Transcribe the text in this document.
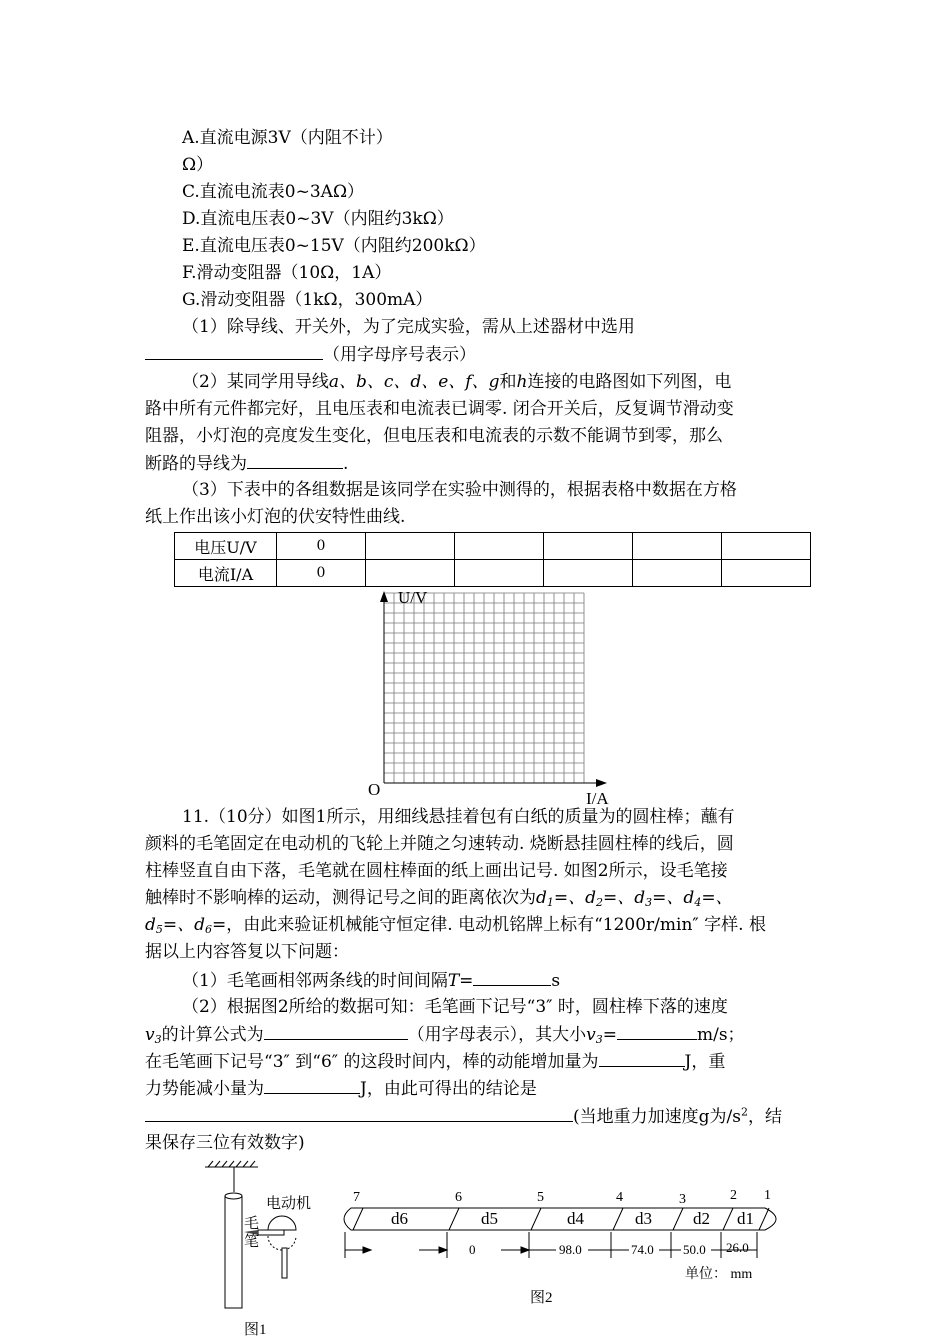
A.直流电源3V（内阻不计）
Ω）
C.直流电流表0~3AΩ）
D.直流电压表0~3V（内阻约3kΩ）
E.直流电压表0~15V（内阻约200kΩ）
F.滑动变阻器（10Ω，1A）
G.滑动变阻器（1kΩ，300mA）
（1）除导线、开关外，为了完成实验，需从上述器材中选用
（用字母序号表示）
（2）某同学用导线a、b、c、d、e、f、g和h连接的电路图如下列图，电
路中所有元件都完好，且电压表和电流表已调零. 闭合开关后，反复调节滑动变
阻器，小灯泡的亮度发生变化，但电压表和电流表的示数不能调节到零，那么
断路的导线为	.
（3）下表中的各组数据是该同学在实验中测得的，根据表格中数据在方格
纸上作出该小灯泡的伏安特性曲线.
电压U/V	0					
电流I/A	0					
U/V
I/A
O
11.（10分）如图1所示，用细线悬挂着包有白纸的质量为的圆柱棒；蘸有
颜料的毛笔固定在电动机的飞轮上并随之匀速转动. 烧断悬挂圆柱棒的线后，圆
柱棒竖直自由下落，毛笔就在圆柱棒面的纸上画出记号. 如图2所示，设毛笔接
触棒时不影响棒的运动，测得记号之间的距离依次为$d_1=$、$d_2=$、$d_3=$、$d_4=$、
$d_5=$、$d_6=$，由此来验证机械能守恒定律. 电动机铭牌上标有“1200r/min″ 字样. 根
据以上内容答复以下问题：
（1）毛笔画相邻两条线的时间间隔T=	s
（2）根据图2所给的数据可知：毛笔画下记号“3″ 时，圆柱棒下落的速度
$v_3$的计算公式为	（用字母表示），其大小$v_3=$	m/s；
在毛笔画下记号“3″ 到“6″ 的这段时间内，棒的动能增加量为	J，重
力势能减小量为	J，由此可得出的结论是
(当地重力加速度g为$/s^2$，结
果保存三位有效数字)
电动机
毛
笔
图1
7	6	5	4	3	2 1
d6	d5	d4	d3 d2 d1
0	98.0	74.0 50.0 26.0
单位： mm
图2
